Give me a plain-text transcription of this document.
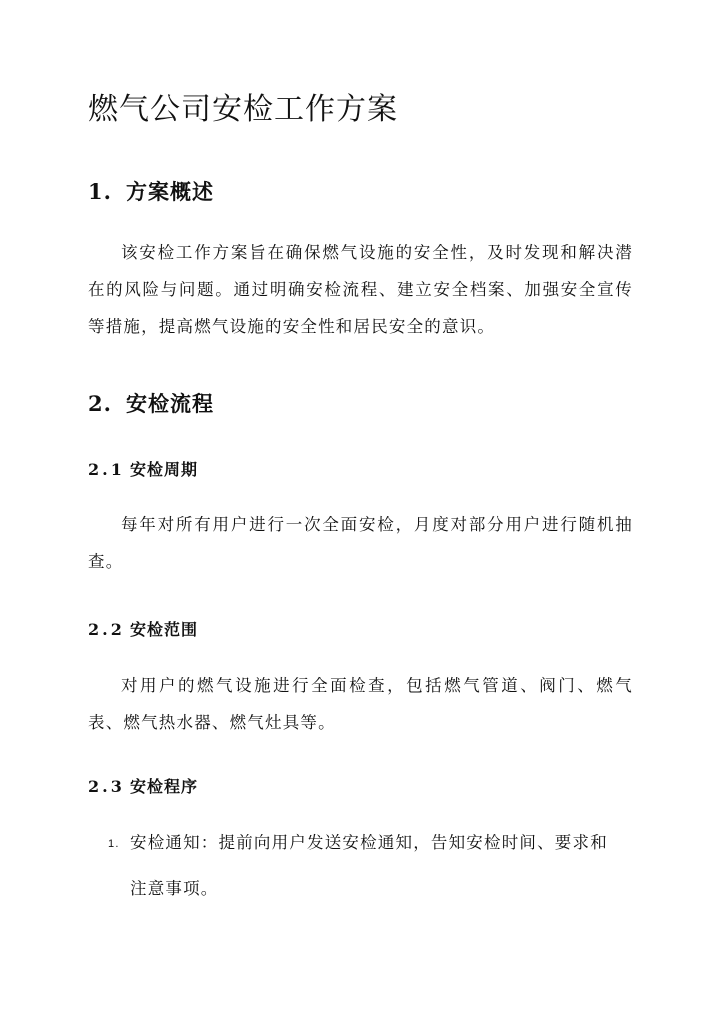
燃气公司安检工作方案
1. 方案概述

该安检工作方案旨在确保燃气设施的安全性，及时发现和解决潜在的风险与问题。通过明确安检流程、建立安全档案、加强安全宣传等措施，提高燃气设施的安全性和居民安全的意识。

2. 安检流程
2.1 安检周期

每年对所有用户进行一次全面安检，月度对部分用户进行随机抽查。

2.2 安检范围

对用户的燃气设施进行全面检查，包括燃气管道、阀门、燃气表、燃气热水器、燃气灶具等。

2.3 安检程序
1. 安检通知：提前向用户发送安检通知，告知安检时间、要求和注意事项。
